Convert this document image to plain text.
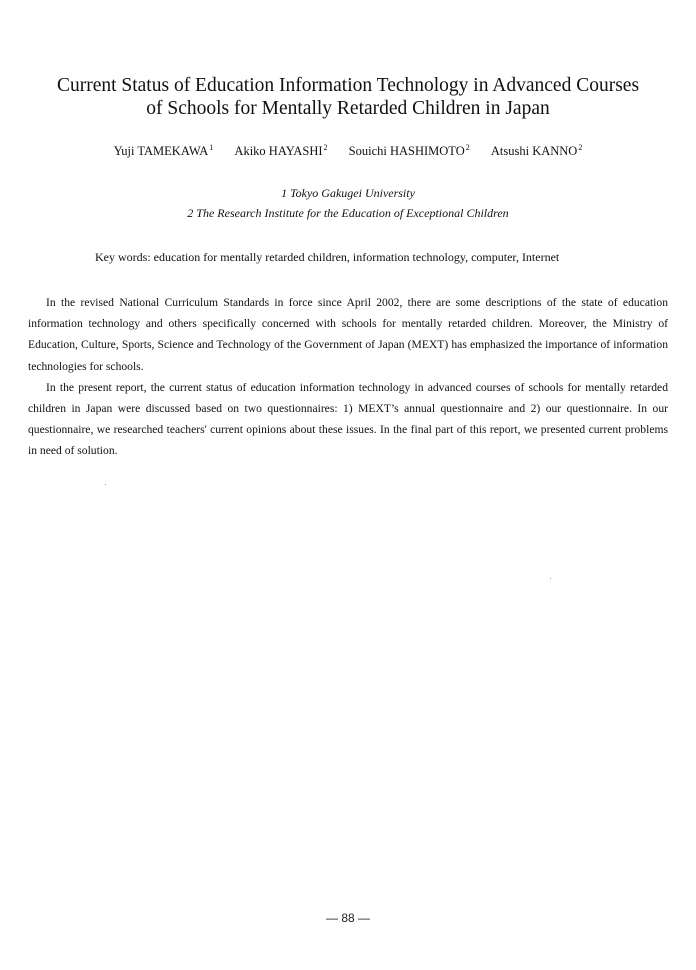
Current Status of Education Information Technology in Advanced Courses
of Schools for Mentally Retarded Children in Japan
Yuji TAMEKAWA$^1$ Akiko HAYASHI$^2$ Souichi HASHIMOTO$^2$ Atsushi KANNO$^2$
1 Tokyo Gakugei University
2 The Research Institute for the Education of Exceptional Children
Key words: education for mentally retarded children, information technology, computer, Internet

In the revised National Curriculum Standards in force since April 2002, there are some descriptions of the state of education information technology and others specifically concerned with schools for mentally retarded children. Moreover, the Ministry of Education, Culture, Sports, Science and Technology of the Government of Japan (MEXT) has emphasized the importance of information technologies for schools.

In the present report, the current status of education information technology in advanced courses of schools for mentally retarded children in Japan were discussed based on two questionnaires: 1) MEXT’s annual questionnaire and 2) our questionnaire. In our questionnaire, we researched teachers' current opinions about these issues. In the final part of this report, we presented current problems in need of solution.

— 88 —
